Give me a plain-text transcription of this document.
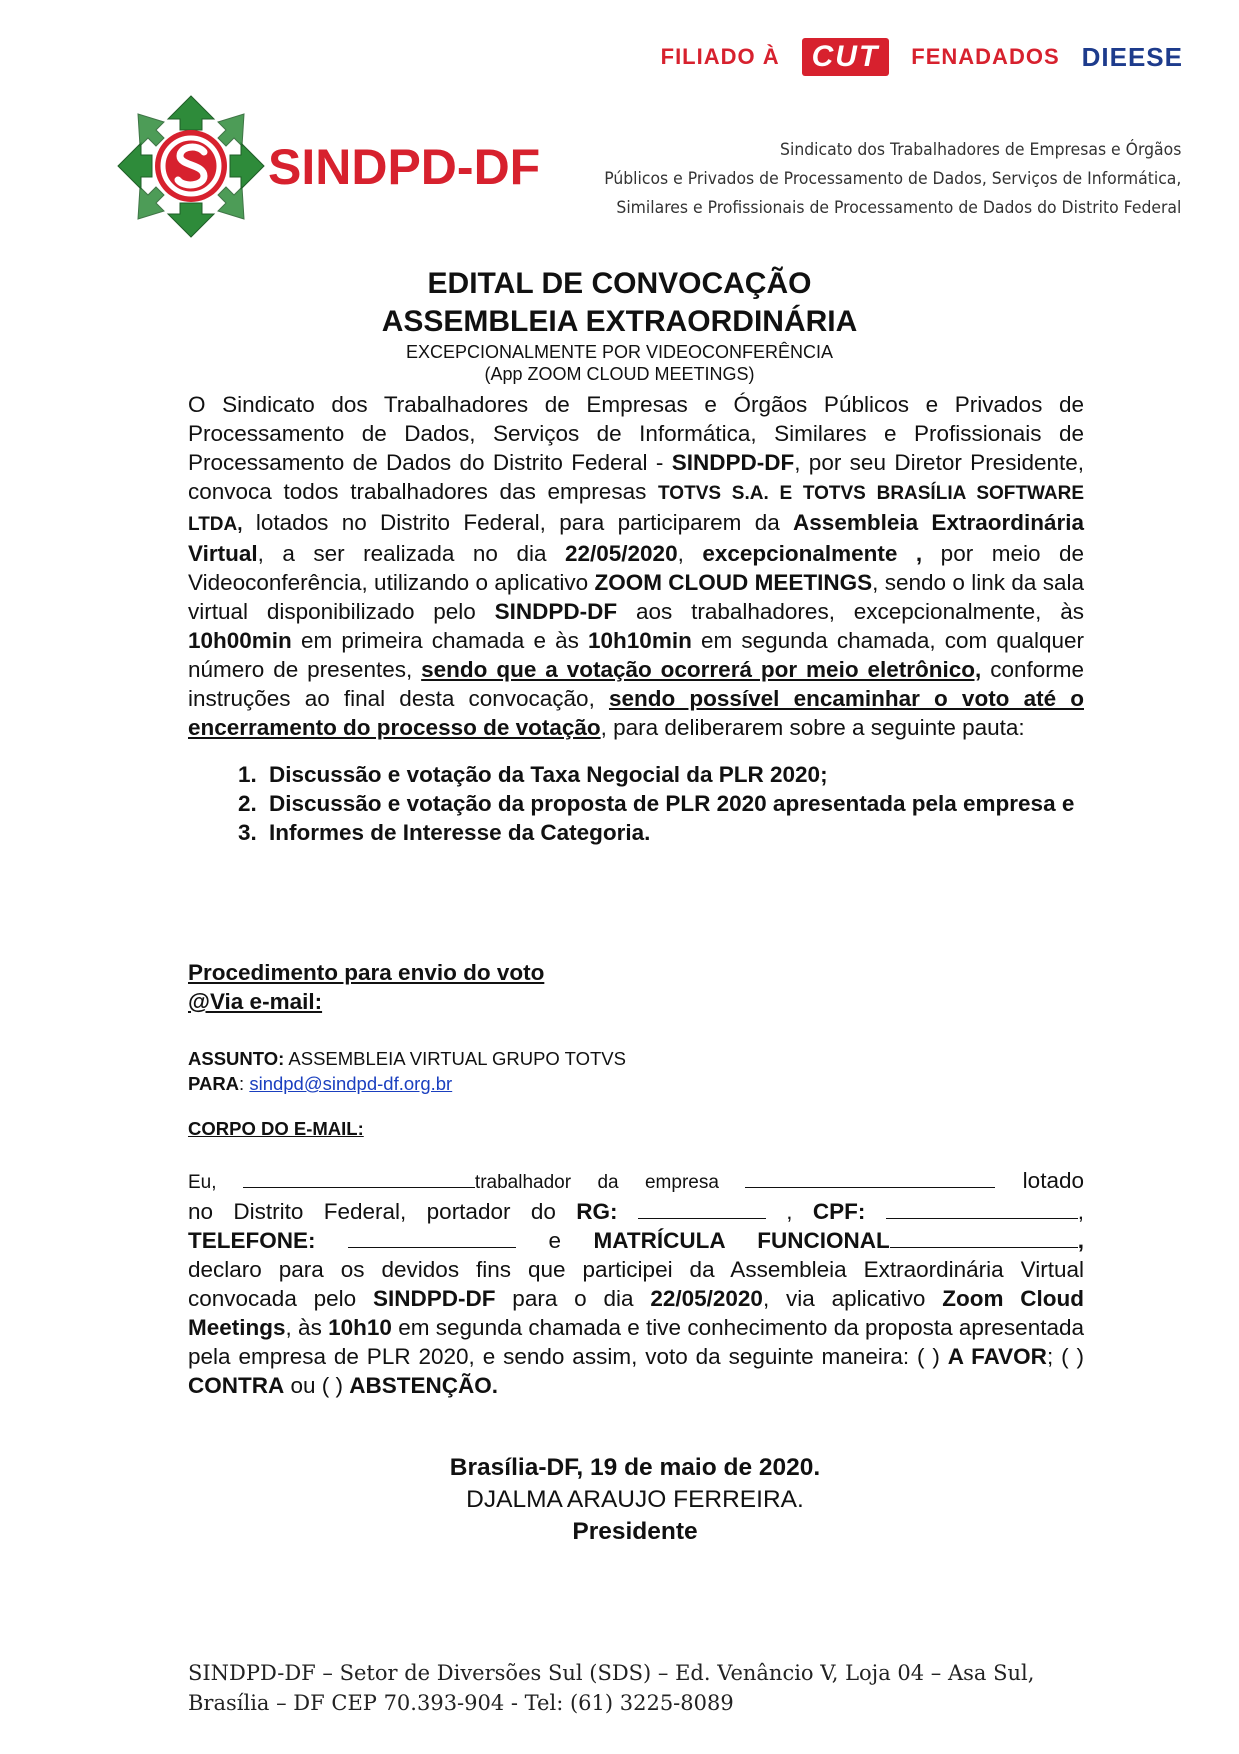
FILIADO À	CUT	FENADADOS DIEESE
SINDPD-DF	Sindicato dos Trabalhadores de Empresas e Órgãos
Públicos e Privados de Processamento de Dados, Serviços de Informática,
Similares e Profissionais de Processamento de Dados do Distrito Federal
EDITAL DE CONVOCAÇÃO
ASSEMBLEIA EXTRAORDINÁRIA
EXCEPCIONALMENTE POR VIDEOCONFERÊNCIA
(App ZOOM CLOUD MEETINGS)

O Sindicato dos Trabalhadores de Empresas e Órgãos Públicos e Privados de Processamento de Dados, Serviços de Informática, Similares e Profissionais de Processamento de Dados do Distrito Federal - SINDPD-DF, por seu Diretor Presidente, convoca todos trabalhadores das empresas TOTVS S.A. E TOTVS BRASÍLIA SOFTWARE LTDA, lotados no Distrito Federal, para participarem da Assembleia Extraordinária Virtual, a ser realizada no dia 22/05/2020, excepcionalmente , por meio de Videoconferência, utilizando o aplicativo ZOOM CLOUD MEETINGS, sendo o link da sala virtual disponibilizado pelo SINDPD-DF aos trabalhadores, excepcionalmente, às 10h00min em primeira chamada e às 10h10min em segunda chamada, com qualquer número de presentes, sendo que a votação ocorrerá por meio eletrônico, conforme instruções ao final desta convocação, sendo possível encaminhar o voto até o encerramento do processo de votação, para deliberarem sobre a seguinte pauta:

1. Discussão e votação da Taxa Negocial da PLR 2020;
2. Discussão e votação da proposta de PLR 2020 apresentada pela empresa e
3. Informes de Interesse da Categoria.
Procedimento para envio do voto
@Via e-mail:
ASSUNTO: ASSEMBLEIA VIRTUAL GRUPO TOTVS
PARA: sindpd@sindpd-df.org.br
CORPO DO E-MAIL:
Eu,	trabalhador da empresa	lotado
no Distrito Federal, portador do RG:	, CPF:	,
TELEFONE:	e MATRÍCULA FUNCIONAL	,

declaro para os devidos fins que participei da Assembleia Extraordinária Virtual convocada pelo SINDPD-DF para o dia 22/05/2020, via aplicativo Zoom Cloud Meetings, às 10h10 em segunda chamada e tive conhecimento da proposta apresentada pela empresa de PLR 2020, e sendo assim, voto da seguinte maneira: ( ) A FAVOR; ( ) CONTRA ou ( ) ABSTENÇÃO.

Brasília-DF, 19 de maio de 2020.
DJALMA ARAUJO FERREIRA.
Presidente
SINDPD-DF – Setor de Diversões Sul (SDS) – Ed. Venâncio V, Loja 04 – Asa Sul,
Brasília – DF CEP 70.393-904 - Tel: (61) 3225-8089
